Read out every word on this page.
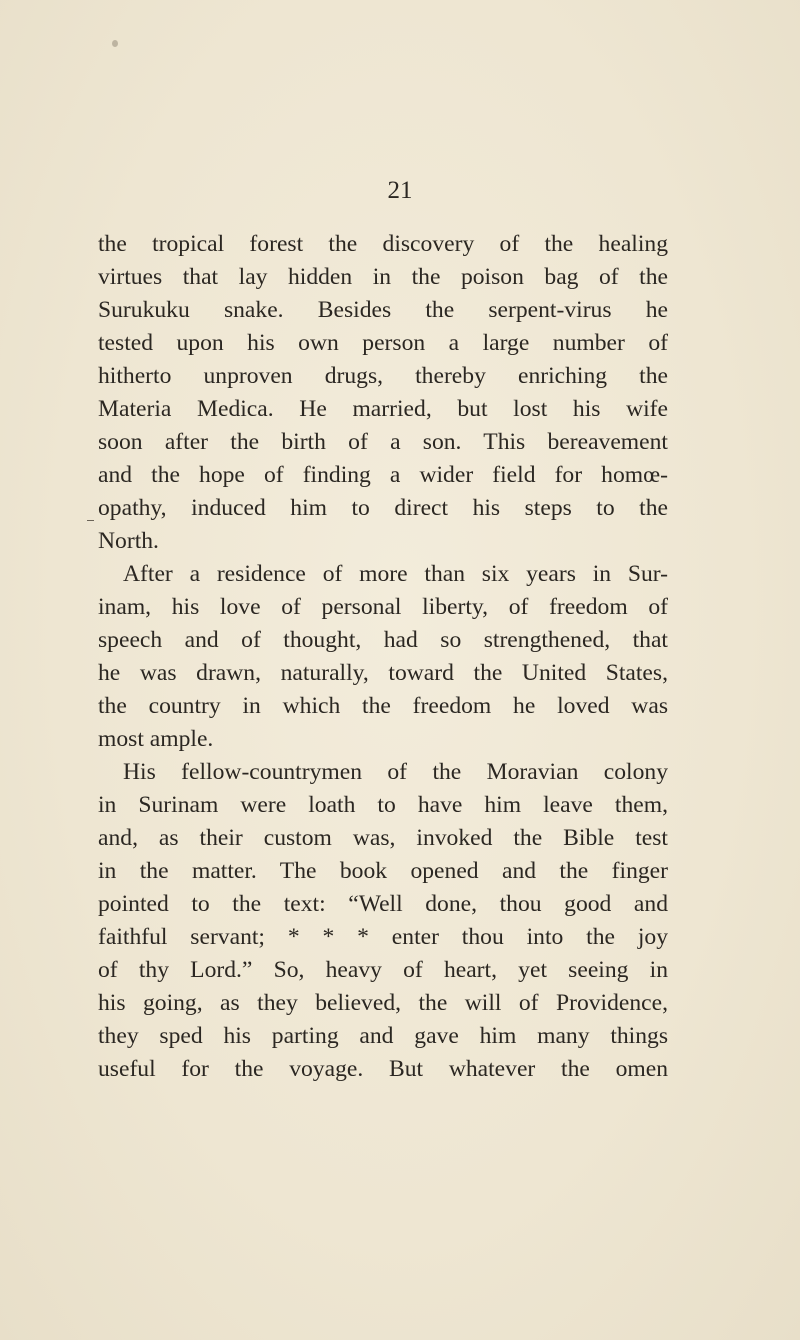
21
the tropical forest the discovery of the healing
virtues that lay hidden in the poison bag of the
Surukuku snake. Besides the serpent-virus he
tested upon his own person a large number of
hitherto unproven drugs, thereby enriching the
Materia Medica. He married, but lost his wife
soon after the birth of a son. This bereavement
and the hope of finding a wider field for homœ-
opathy, induced him to direct his steps to the
North.
After a residence of more than six years in Sur-
inam, his love of personal liberty, of freedom of
speech and of thought, had so strengthened, that
he was drawn, naturally, toward the United States,
the country in which the freedom he loved was
most ample.
His fellow-countrymen of the Moravian colony
in Surinam were loath to have him leave them,
and, as their custom was, invoked the Bible test
in the matter. The book opened and the finger
pointed to the text: “Well done, thou good and
faithful servant; * * * enter thou into the joy
of thy Lord.” So, heavy of heart, yet seeing in
his going, as they believed, the will of Providence,
they sped his parting and gave him many things
useful for the voyage. But whatever the omen
